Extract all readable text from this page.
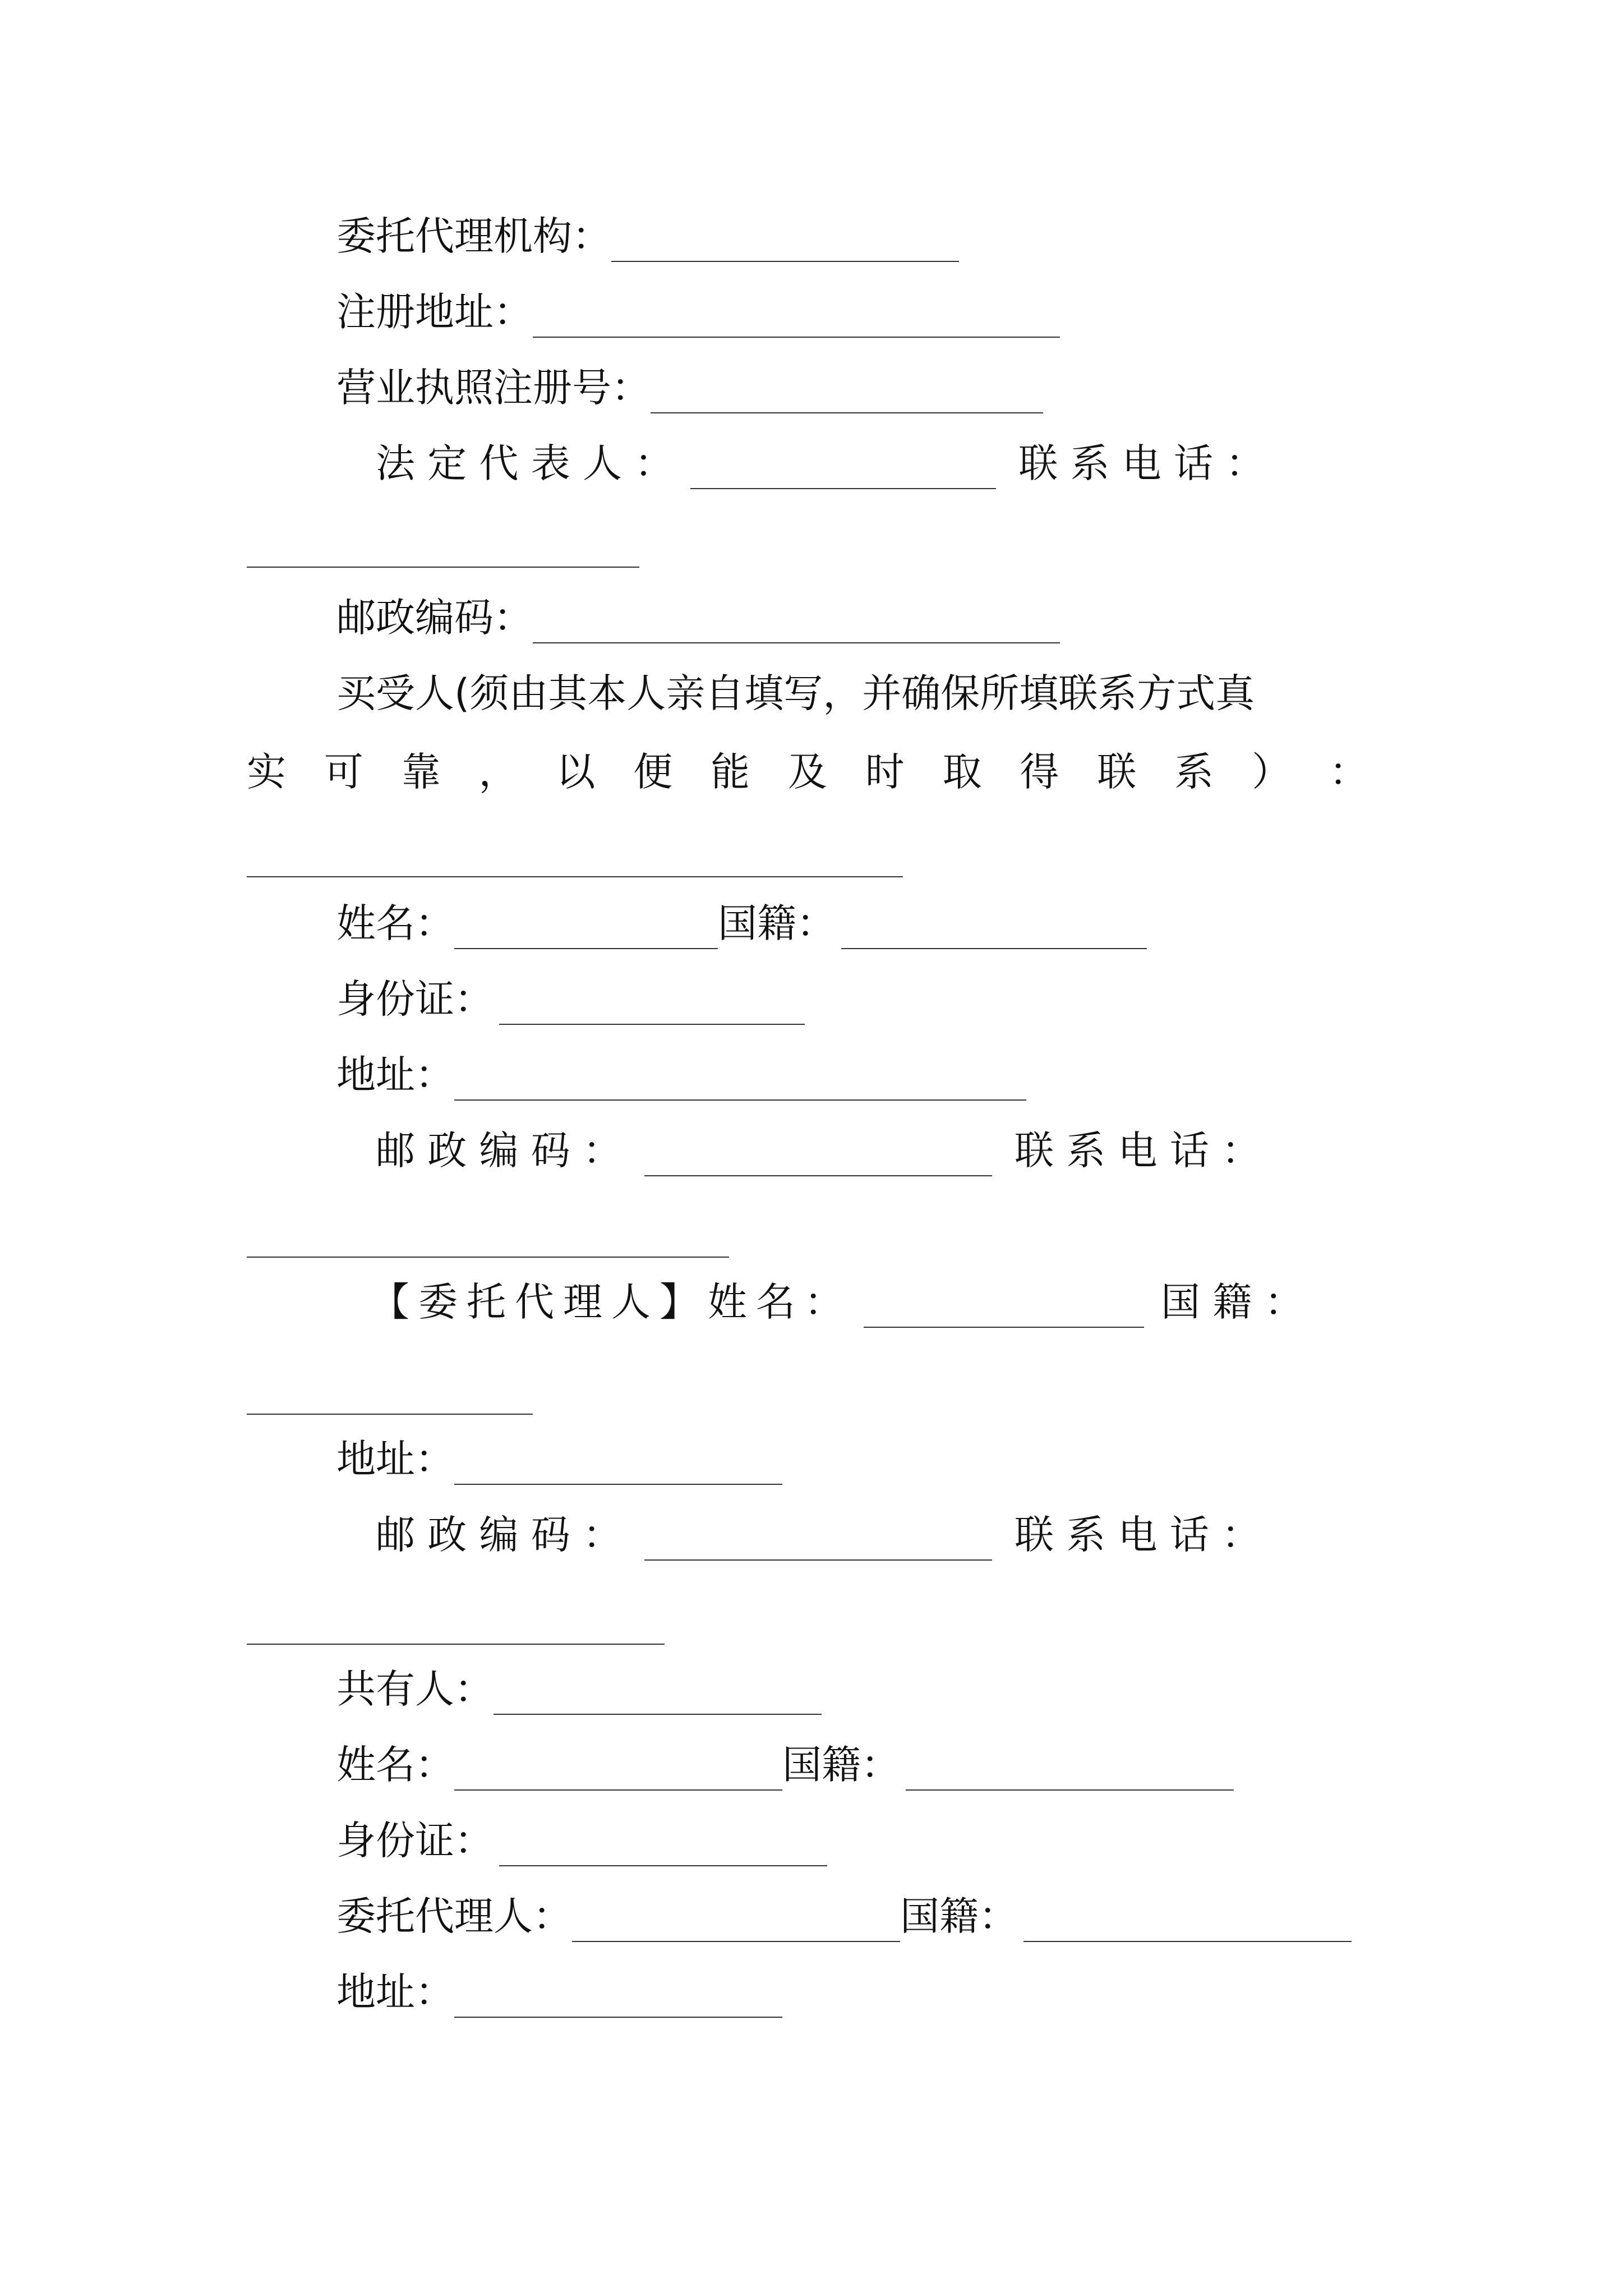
委托代理机构：
注册地址：
营业执照注册号：
法 定 代 表 人 ：	联 系 电 话 ：
邮政编码：
买受人(须由其本人亲自填写，并确保所填联系方式真
实 可 靠 ， 以 便 能 及 时 取 得 联 系 ） ：
姓名：	国籍：
身份证：
地址：
邮 政 编 码 ：	联 系 电 话 ：
【委托代理人】姓名：	国 籍 ：
地址：
邮 政 编 码 ：	联 系 电 话 ：
共有人：
姓名：	国籍：
身份证：
委托代理人：	国籍：
地址：
